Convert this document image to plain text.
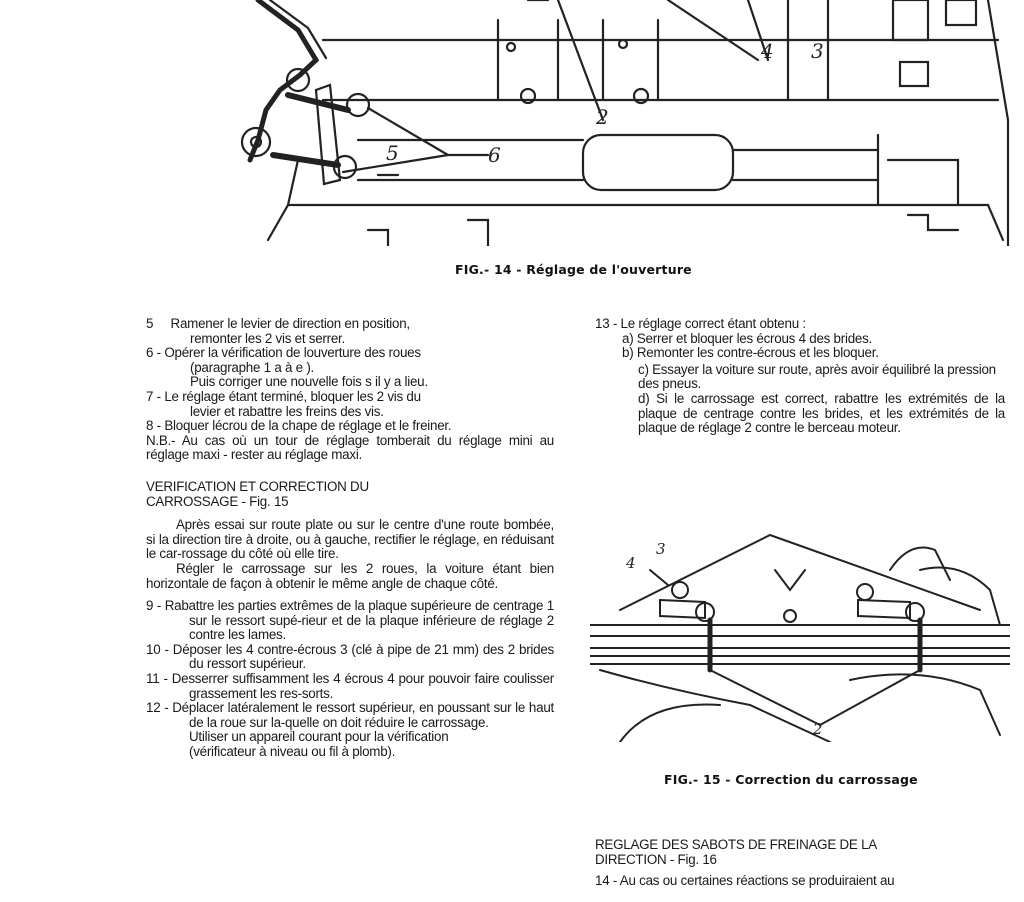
2
3
4
5	6
FIG.- 14 - Réglage de l'ouverture

5     Ramener le levier de direction en position,

remonter les 2 vis et serrer.

6 - Opérer la vérification de louverture des roues

(paragraphe 1 a à e ).

Puis corriger une nouvelle fois s il y a lieu.

7 - Le réglage étant terminé, bloquer les 2 vis du

levier et rabattre les freins des vis.

8 - Bloquer lécrou de la chape de réglage et le freiner.

N.B.- Au cas où un tour de réglage tomberait du réglage mini au réglage maxi - rester au réglage maxi.

VERIFICATION ET CORRECTION DU

CARROSSAGE - Fig. 15

Après essai sur route plate ou sur le centre d'une route bombée, si la direction tire à droite, ou à gauche, rectifier le réglage, en réduisant le car-rossage du côté où elle tire.

Régler le carrossage sur les 2 roues, la voiture étant bien horizontale de façon à obtenir le même angle de chaque côté.

9 - Rabattre les parties extrêmes de la plaque supérieure de centrage 1 sur le ressort supé-rieur et de la plaque inférieure de réglage 2 contre les lames.

10 - Déposer les 4 contre-écrous 3 (clé à pipe de 21 mm) des 2 brides du ressort supérieur.

11 - Desserrer suffisamment les 4 écrous 4 pour pouvoir faire coulisser grassement les res-sorts.

12 - Déplacer latéralement le ressort supérieur, en poussant sur le haut de la roue sur la-quelle on doit réduire le carrossage.

Utiliser un appareil courant pour la vérification

(vérificateur à niveau ou fil à plomb).

13 - Le réglage correct étant obtenu :

a) Serrer et bloquer les écrous 4 des brides.

b) Remonter les contre-écrous et les bloquer.

c) Essayer la voiture sur route, après avoir équilibré la pression des pneus.

d) Si le carrossage est correct, rabattre les extrémités de la plaque de centrage contre les brides, et les extrémités de la plaque de réglage 2 contre le berceau moteur.

2
3
4
FIG.- 15 - Correction du carrossage

REGLAGE DES SABOTS DE FREINAGE DE LA

DIRECTION - Fig. 16

14 - Au cas ou certaines réactions se produiraient au
